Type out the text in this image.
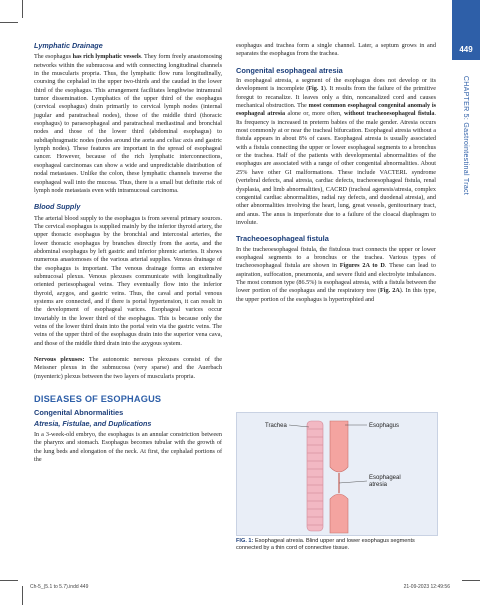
449
CHAPTER 5: Gastrointestinal Tract

Lymphatic Drainage

The esophagus has rich lymphatic vessels. They form freely anastomosing networks within the submucosa and with connecting longitudinal channels in the muscularis propria. Thus, the lymphatic flow runs longitudinally, coursing the cephalad in the upper two-thirds and the caudad in the lower third of the esophagus. This arrangement facilitates lengthwise intramural tumor dissemination. Lymphatics of the upper third of the esophagus (cervical esophagus) drain primarily to cervical lymph nodes (internal jugular and paratracheal nodes), those of the middle third (thoracic esophagus) to paraesophageal and paratracheal mediastinal and bronchial nodes and those of the lower third (abdominal esophagus) to subdiaphragmatic nodes (nodes around the aorta and celiac axis and gastric lymph nodes). These features are important in the spread of esophageal cancer. However, because of the rich lymphatic interconnections, esophageal carcinomas can show a wide and unpredictable distribution of nodal metastases. Unlike the colon, these lymphatic channels traverse the esophageal wall into the mucosa. Thus, there is a small but definite risk of lymph node metastasis even with intramucosal carcinoma.

Blood Supply

The arterial blood supply to the esophagus is from several primary sources. The cervical esophagus is supplied mainly by the inferior thyroid artery, the upper thoracic esophagus by the bronchial and intercostal arteries, the lower thoracic esophagus by branches directly from the aorta, and the abdominal esophagus by left gastric and inferior phrenic arteries. It shows numerous anastomoses of the various arterial supplies. Venous drainage of the esophagus is important. The venous drainage forms an extensive submucosal plexus. Venous plexuses communicate with longitudinally oriented periesophageal veins. They eventually flow into the inferior thyroid, azygos, and gastric veins. Thus, the caval and portal venous systems are connected, and if there is portal hypertension, it can result in the development of esophageal varices. Esophageal varices occur invariably in the lower third of the esophagus. This is because only the veins of the lower third drain into the portal vein via the gastric veins. The veins of the upper third of the esophagus drain into the superior vena cava, and those of the middle third drain into the azygous system.

Nervous plexuses: The autonomic nervous plexuses consist of the Meissner plexus in the submucosa (very sparse) and the Auerbach (myenteric) plexus between the two layers of muscularis propria.

DISEASES OF ESOPHAGUS

Congenital Abnormalities

Atresia, Fistulae, and Duplications

In a 3-week-old embryo, the esophagus is an annular constriction between the pharynx and stomach. Esophagus becomes tubular with the growth of the lung beds and elongation of the neck. At first, the cephalad portions of the

esophagus and trachea form a single channel. Later, a septum grows in and separates the esophagus from the trachea.

Congenital esophageal atresia

In esophageal atresia, a segment of the esophagus does not develop or its development is incomplete (Fig. 1). It results from the failure of the primitive foregut to recanalize. It leaves only a thin, noncanalized cord and causes mechanical obstruction. The most common esophageal congenital anomaly is esophageal atresia alone or, more often, without tracheoesophageal fistula. Its frequency is increased in preterm babies of the male gender. Atresia occurs most commonly at or near the tracheal bifurcation. Esophageal atresia without a fistula appears in about 8% of cases. Esophageal atresia is usually associated with a fistula connecting the upper or lower esophageal segments to a bronchus or the trachea. Half of the patients with developmental abnormalities of the esophagus are associated with a range of other congenital abnormalities. About 25% have other GI malformations. These include VACTERL syndrome (vertebral defects, anal atresia, cardiac defects, tracheoesophageal fistula, renal dysplasia, and limb abnormalities), CACRD (tracheal agenesis/atresia, complex congenital cardiac abnormalities, radial ray defects, and duodenal atresia), and other abnormalities involving the heart, lung, great vessels, genitourinary tract, and anus. The anus is imperforate due to a failure of the cloacal diaphragm to involute.

Tracheoesophageal fistula

In the tracheoesophageal fistula, the fistulous tract connects the upper or lower esophageal segments to a bronchus or the trachea. Various types of tracheoesophageal fistula are shown in Figures 2A to D. These can lead to aspiration, suffocation, pneumonia, and severe fluid and electrolyte imbalances. The most common type (86.5%) is esophageal atresia, with a fistula between the lower portion of the esophagus and the respiratory tree (Fig. 2A). In this type, the upper portion of the esophagus is hypertrophied and

Trachea	Esophagus
Esophageal
atresia
FIG. 1: Esophageal atresia. Blind upper and lower esophagus segments connected by a thin cord of connective tissue.
Ch-5_(5.1 to 5.7).indd 449	21-09-2023 12:49:56
